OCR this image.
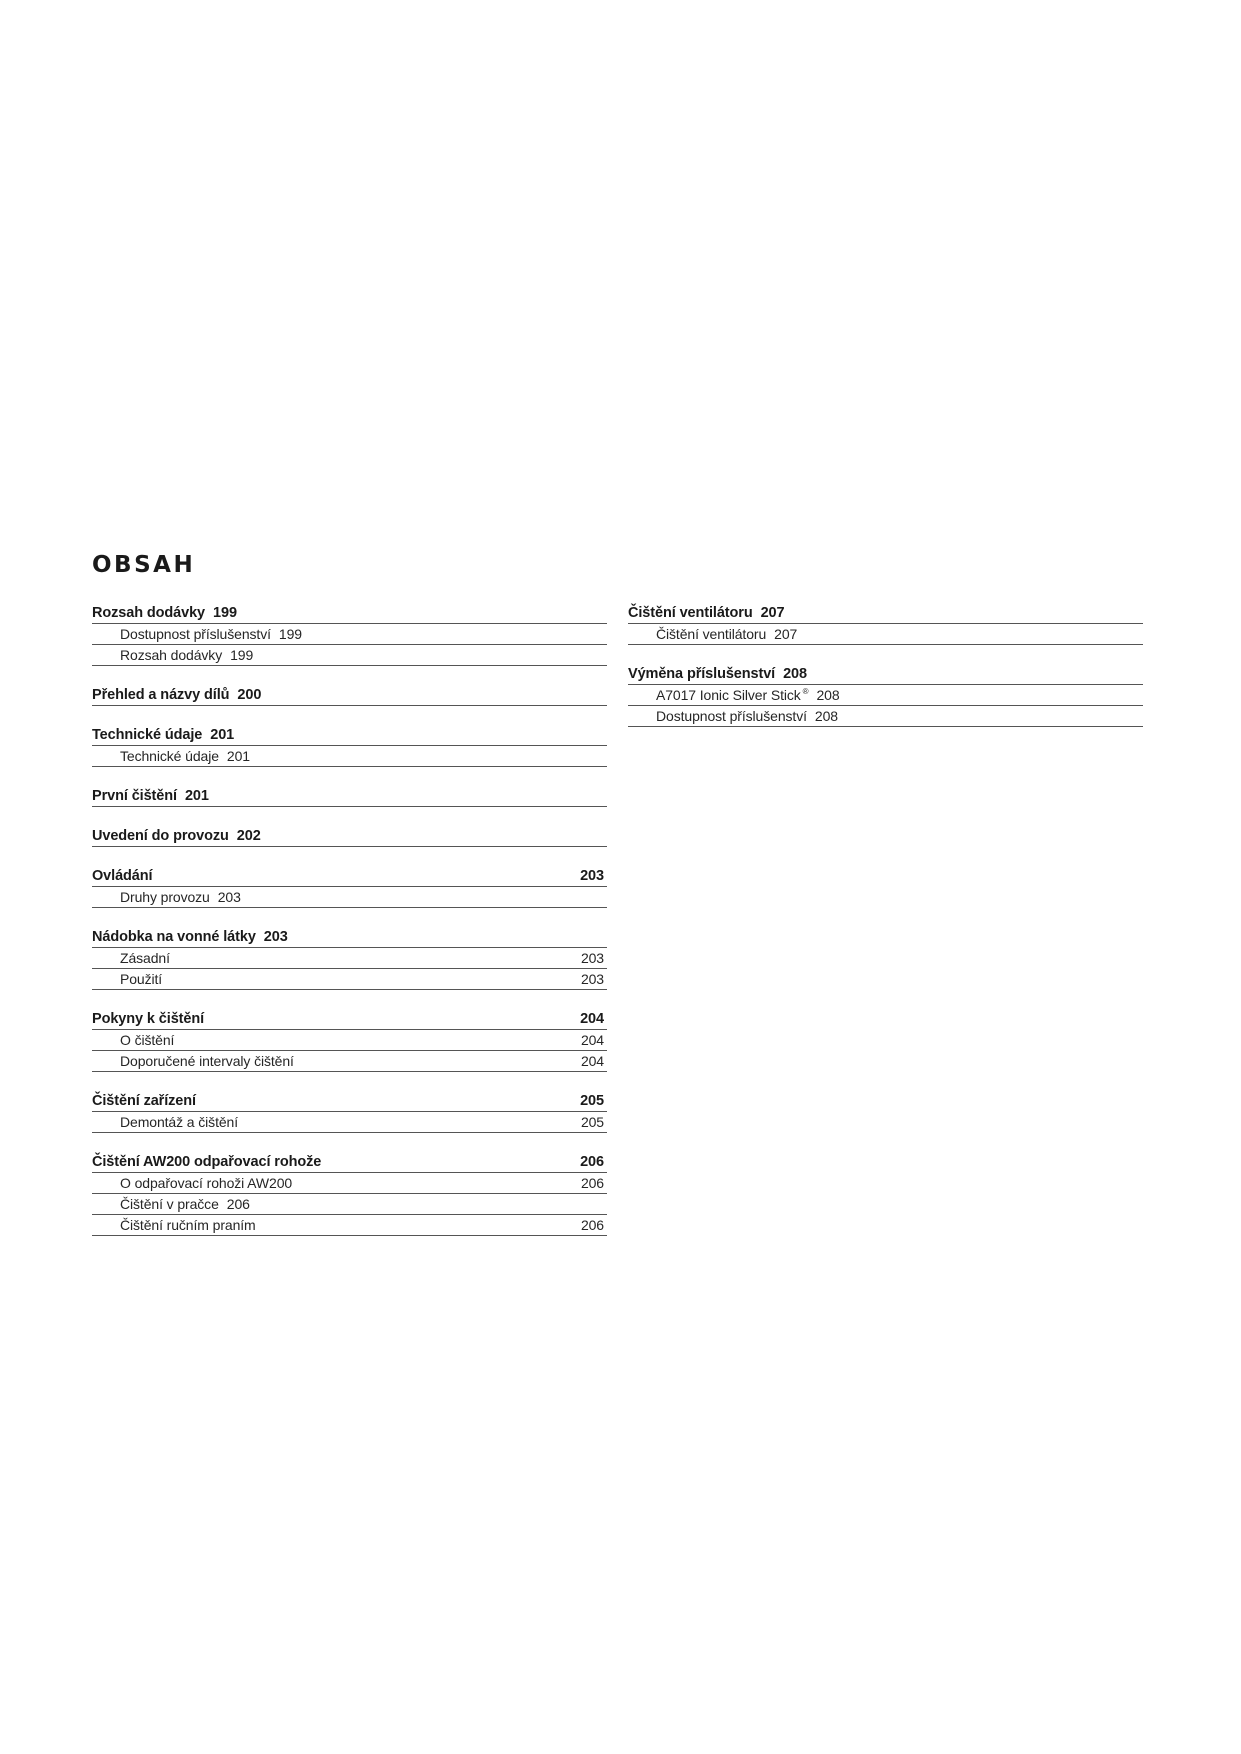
OBSAH
Rozsah dodávky 199
Dostupnost příslušenství 199
Rozsah dodávky 199
Přehled a názvy dílů 200
Technické údaje 201
Technické údaje 201
První čištění 201
Uvedení do provozu 202
Ovládání	203
Druhy provozu 203
Nádobka na vonné látky 203
Zásadní	203
Použití	203
Pokyny k čištění	204
O čištění	204
Doporučené intervaly čištění	204
Čištění zařízení	205
Demontáž a čištění	205
Čištění AW200 odpařovací rohože	206
O odpařovací rohoži AW200	206
Čištění v pračce 206
Čištění ručním praním	206
Čištění ventilátoru 207
Čištění ventilátoru 207
Výměna příslušenství 208
A7017 Ionic Silver Stick ® 208
Dostupnost příslušenství 208
